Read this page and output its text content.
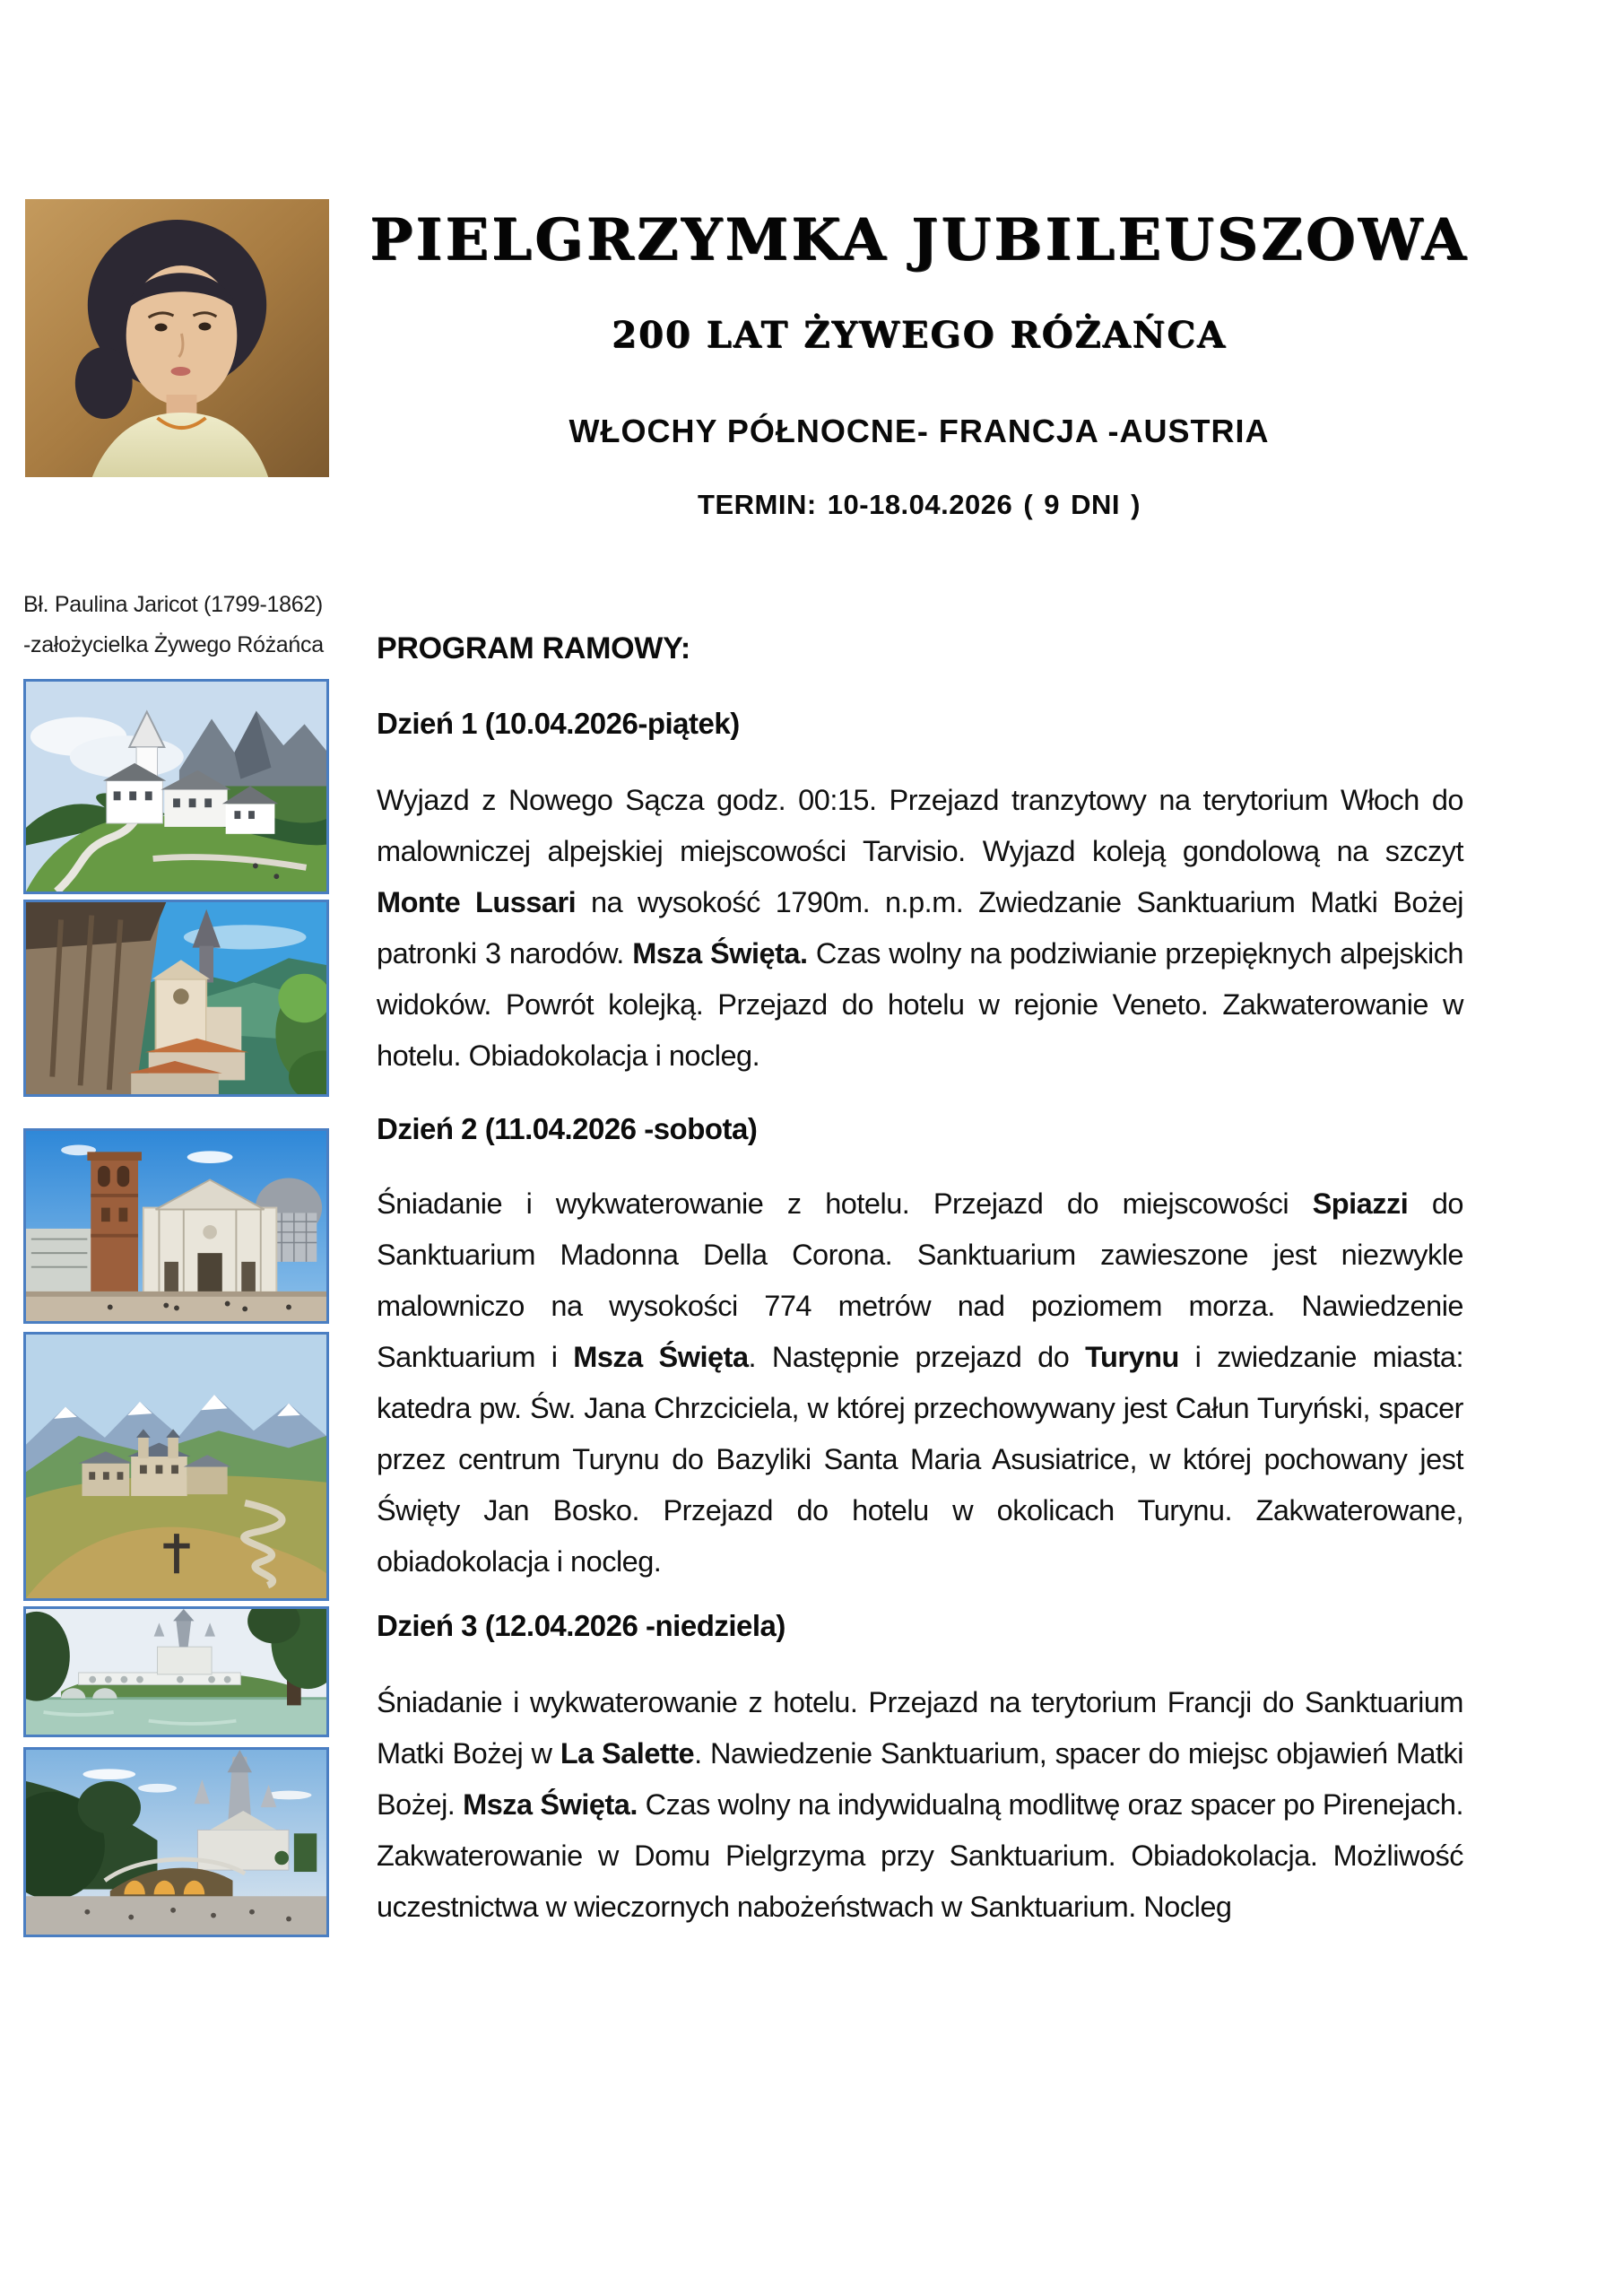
Bł. Paulina Jaricot (1799-1862)
-założycielka Żywego Różańca
PIELGRZYMKA JUBILEUSZOWA
200 LAT ŻYWEGO RÓŻAŃCA
WŁOCHY PÓŁNOCNE- FRANCJA -AUSTRIA
TERMIN: 10-18.04.2026 ( 9 DNI )
PROGRAM RAMOWY:
Dzień 1 (10.04.2026-piątek)
Wyjazd z Nowego Sącza godz. 00:15. Przejazd tranzytowy na terytorium Włoch do malowniczej alpejskiej miejscowości Tarvisio. Wyjazd koleją gondolową na szczyt Monte Lussari na wysokość 1790m. n.p.m. Zwiedzanie Sanktuarium Matki Bożej patronki 3 narodów. Msza Święta. Czas wolny na podziwianie przepięknych alpejskich widoków. Powrót kolejką. Przejazd do hotelu w rejonie Veneto. Zakwaterowanie w hotelu. Obiadokolacja i nocleg.
Dzień 2 (11.04.2026 -sobota)
Śniadanie i wykwaterowanie z hotelu. Przejazd do miejscowości Spiazzi do Sanktuarium Madonna Della Corona. Sanktuarium zawieszone jest niezwykle malowniczo na wysokości 774 metrów nad poziomem morza. Nawiedzenie Sanktuarium i Msza Święta. Następnie przejazd do Turynu i zwiedzanie miasta: katedra pw. Św. Jana Chrzciciela, w której przechowywany jest Całun Turyński, spacer przez centrum Turynu do Bazyliki Santa Maria Asusiatrice, w której pochowany jest Święty Jan Bosko. Przejazd do hotelu w okolicach Turynu. Zakwaterowane, obiadokolacja i nocleg.
Dzień 3 (12.04.2026 -niedziela)
Śniadanie i wykwaterowanie z hotelu. Przejazd na terytorium Francji do Sanktuarium Matki Bożej w La Salette. Nawiedzenie Sanktuarium, spacer do miejsc objawień Matki Bożej. Msza Święta. Czas wolny na indywidualną modlitwę oraz spacer po Pirenejach. Zakwaterowanie w Domu Pielgrzyma przy Sanktuarium. Obiadokolacja. Możliwość uczestnictwa w wieczornych nabożeństwach w Sanktuarium. Nocleg
